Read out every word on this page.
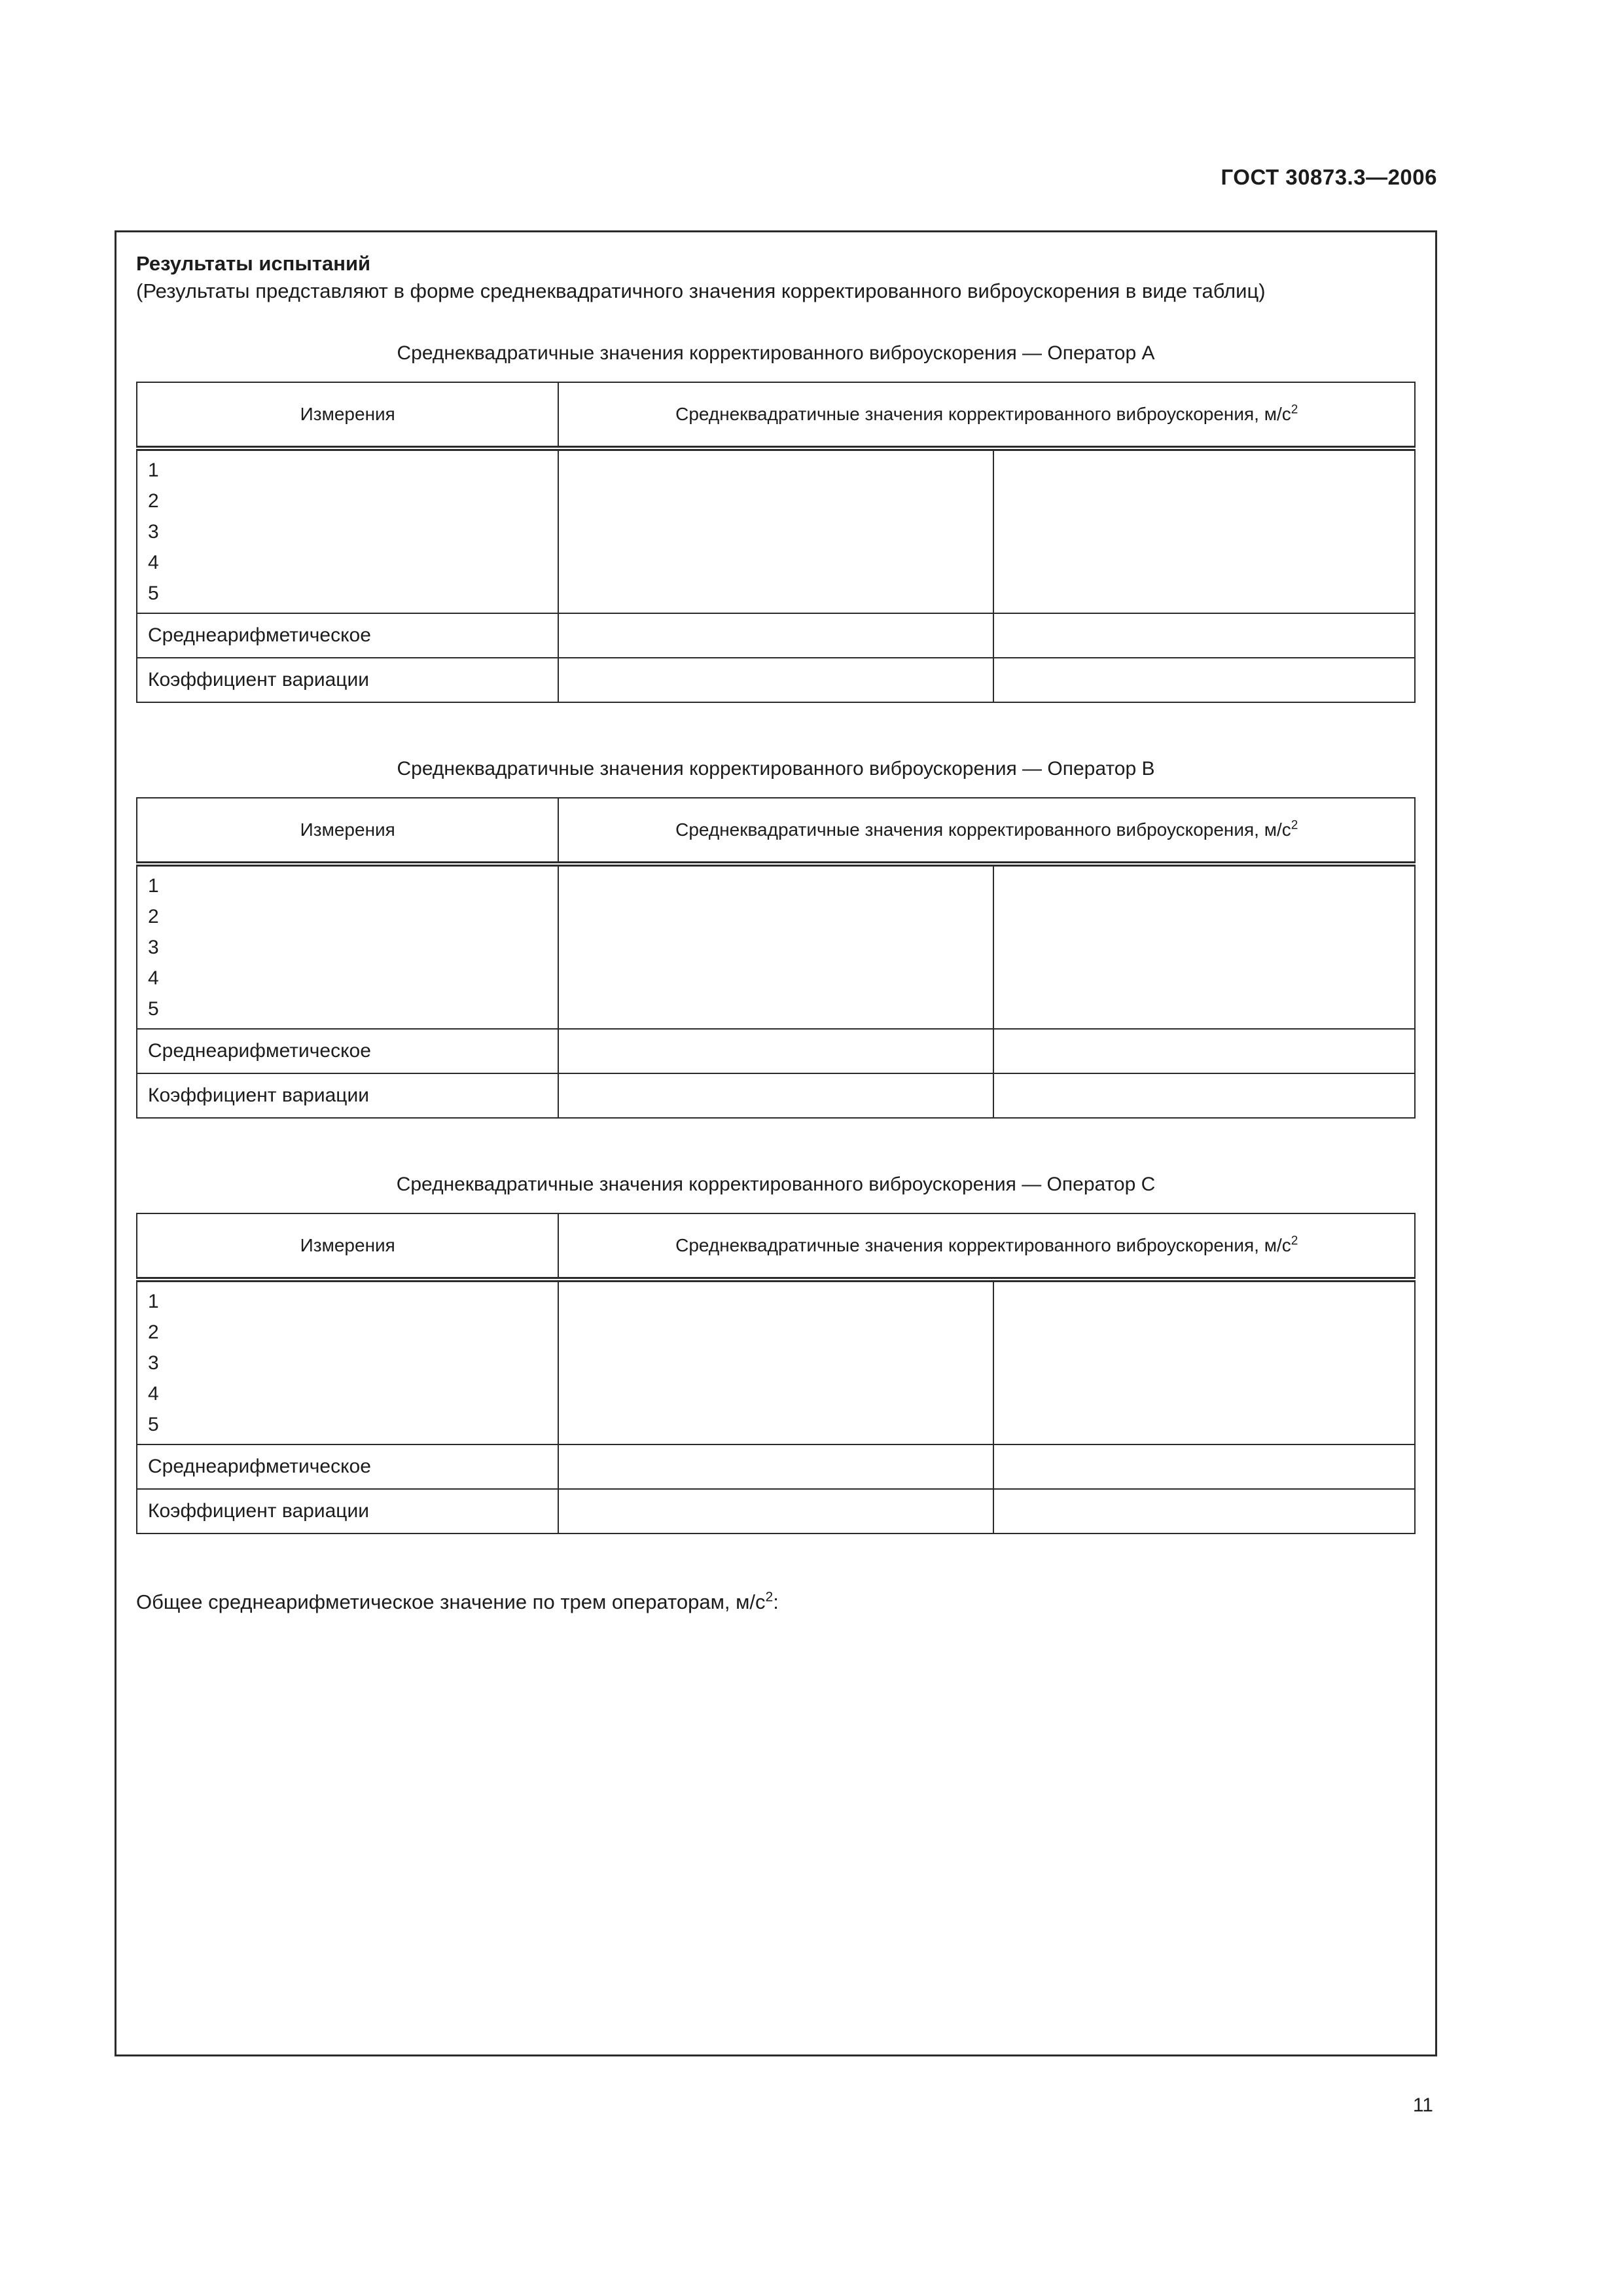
ГОСТ 30873.3—2006
Результаты испытаний

(Результаты представляют в форме среднеквадратичного значения корректированного виброускорения в виде таблиц)

Среднеквадратичные значения корректированного виброускорения — Оператор A
Измерения	Среднеквадратичные значения корректированного виброускорения, $м/с^2$

1
2
3
4
5		

Среднеарифметическое		
Коэффициент вариации		
Среднеквадратичные значения корректированного виброускорения — Оператор B
Измерения	Среднеквадратичные значения корректированного виброускорения, $м/с^2$

1
2
3
4
5		

Среднеарифметическое		
Коэффициент вариации		
Среднеквадратичные значения корректированного виброускорения — Оператор C
Измерения	Среднеквадратичные значения корректированного виброускорения, $м/с^2$

1
2
3
4
5		

Среднеарифметическое		
Коэффициент вариации		

Общее среднеарифметическое значение по трем операторам, $м/с^2$:

11
